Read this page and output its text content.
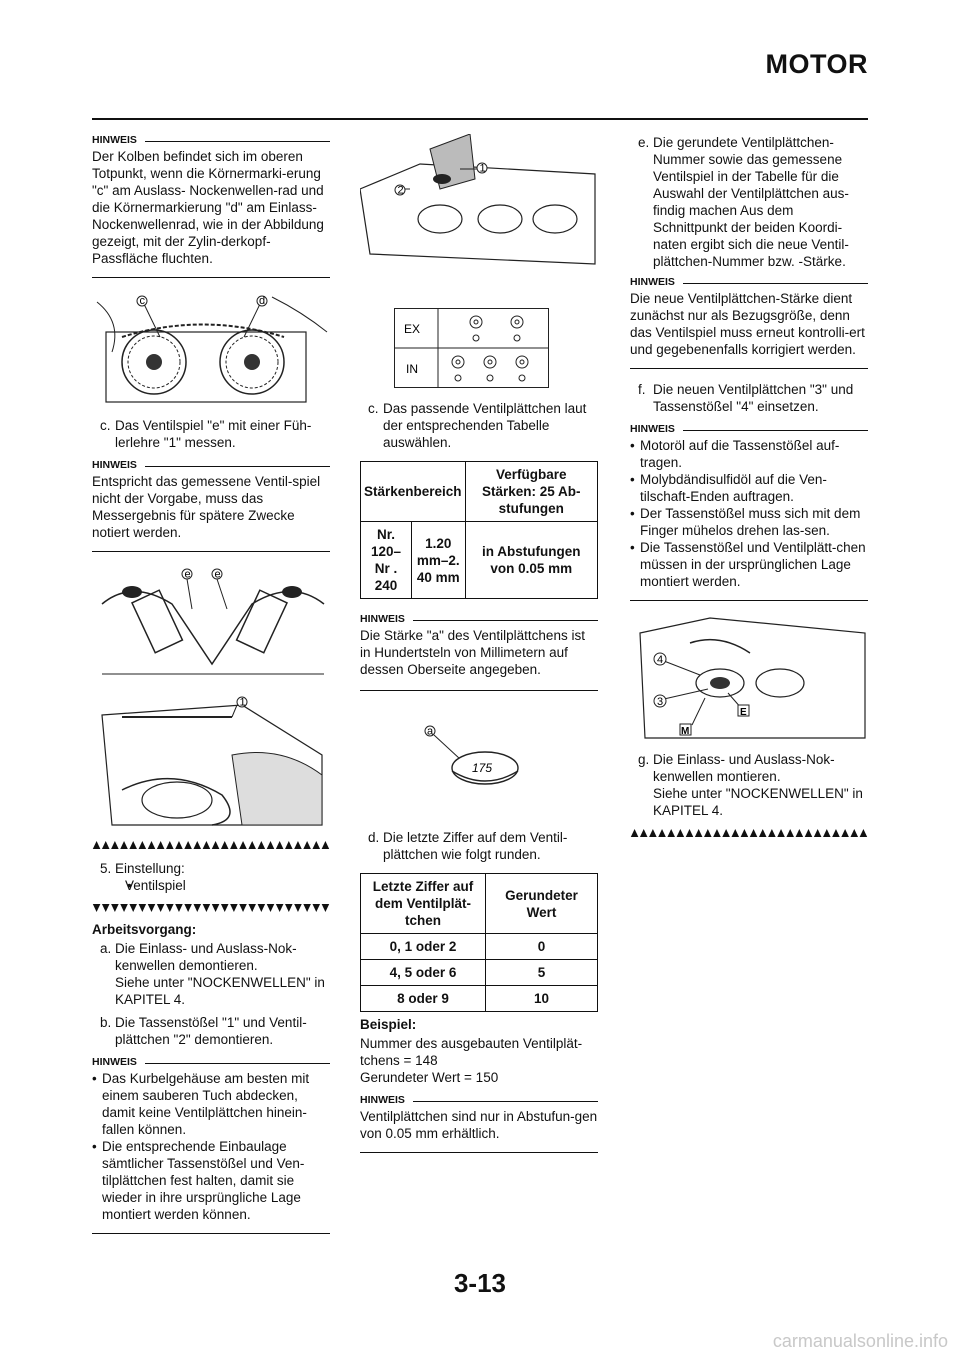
MOTOR
HINWEIS

Der Kolben befindet sich im oberen Totpunkt, wenn die Körnermarki-erung "c" am Auslass- Nockenwellen-rad und die Körnermarkierung "d" am Einlass- Nockenwellenrad, wie in der Abbildung gezeigt, mit der Zylin-derkopf- Passfläche fluchten.

c	d
c. Das Ventilspiel "e" mit einer Füh-lerlehre "1" messen.

HINWEIS

Entspricht das gemessene Ventil-spiel nicht der Vorgabe, muss das Messergebnis für spätere Zwecke notiert werden.

e e
1
5. Einstellung:

• Ventilspiel
Arbeitsvorgang:
a. Die Einlass- und Auslass-Nok-kenwellen demontieren.

Siehe unter "NOCKENWELLEN" in KAPITEL 4.

b. Die Tassenstößel "1" und Ventil-plättchen "2" demontieren.

HINWEIS
• Das Kurbelgehäuse am besten mit einem sauberen Tuch abdecken, damit keine Ventilplättchen hinein-fallen können.
• Die entsprechende Einbaulage sämtlicher Tassenstößel und Ven-tilplättchen fest halten, damit sie wieder in ihre ursprüngliche Lage montiert werden können.
1
2
EX
IN
c. Das passende Ventilplättchen laut der entsprechenden Tabelle auswählen.

Stärkenbereich		Verfügbare Stärken: 25 Ab-stufungen
Nr. 120–Nr . 240	1.20 mm–2. 40 mm	in Abstufungen von 0.05 mm
HINWEIS

Die Stärke "a" des Ventilplättchens ist in Hundertsteln von Millimetern auf dessen Oberseite angegeben.

a
175
d. Die letzte Ziffer auf dem Ventil-plättchen wie folgt runden.

Letzte Ziffer auf dem Ventilplät-tchen	Gerundeter Wert
0, 1 oder 2	0
4, 5 oder 6	5
8 oder 9	10
Beispiel:

Nummer des ausgebauten Ventilplät-tchens = 148

Gerundeter Wert = 150

HINWEIS

Ventilplättchen sind nur in Abstufun-gen von 0.05 mm erhältlich.

e. Die gerundete Ventilplättchen-Nummer sowie das gemessene Ventilspiel in der Tabelle für die Auswahl der Ventilplättchen aus-findig machen Aus dem Schnittpunkt der beiden Koordi-naten ergibt sich die neue Ventil-plättchen-Nummer bzw. -Stärke.

HINWEIS

Die neue Ventilplättchen-Stärke dient zunächst nur als Bezugsgröße, denn das Ventilspiel muss erneut kontrolli-ert und gegebenenfalls korrigiert werden.

f. Die neuen Ventilplättchen "3" und Tassenstößel "4" einsetzen.

HINWEIS
• Motoröl auf die Tassenstößel auf-tragen.
• Molybdändisulfidöl auf die Ven-tilschaft-Enden auftragen.
• Der Tassenstößel muss sich mit dem Finger mühelos drehen las-sen.
• Die Tassenstößel und Ventilplätt-chen müssen in der ursprünglichen Lage montiert werden.
4
3
E
M
g. Die Einlass- und Auslass-Nok-kenwellen montieren.

Siehe unter "NOCKENWELLEN" in KAPITEL 4.

3-13
carmanualsonline.info
